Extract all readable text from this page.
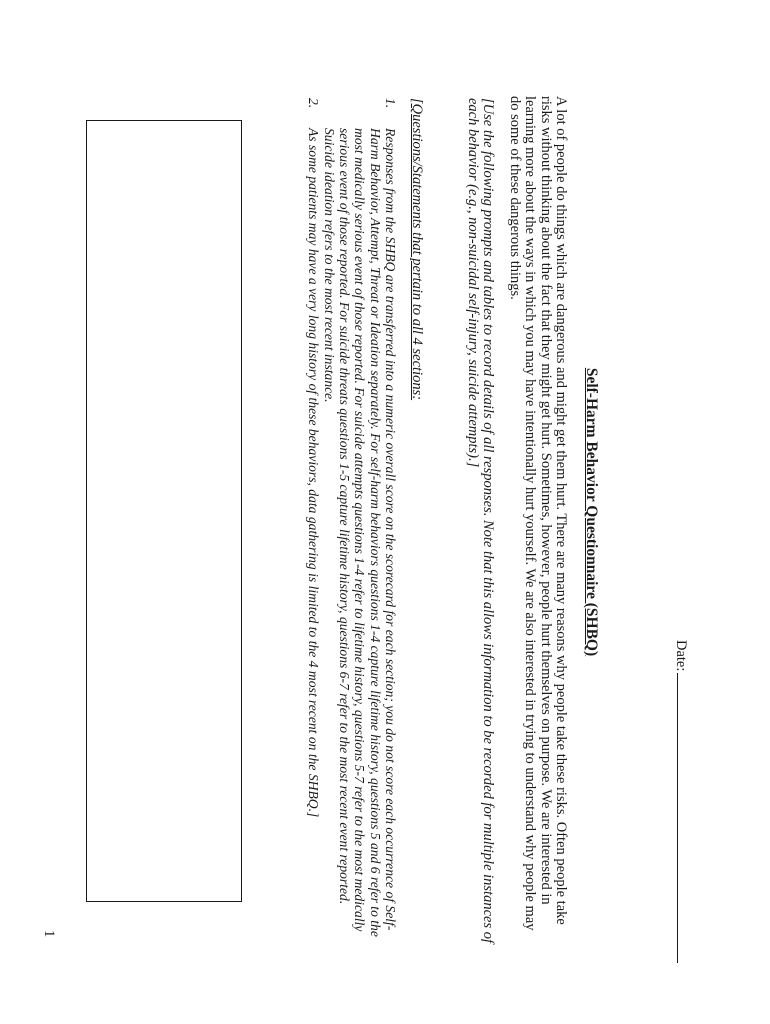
Date:
Self-Harm Behavior Questionnaire (SHBQ)

A lot of people do things which are dangerous and might get them hurt. There are many reasons why people take these risks. Often people take risks without thinking about the fact that they might get hurt. Sometimes, however, people hurt themselves on purpose. We are interested in learning more about the ways in which you may have intentionally hurt yourself. We are also interested in trying to understand why people may do some of these dangerous things.

[Use the following prompts and tables to record details of all responses. Note that this allows information to be recorded for multiple instances of each behavior (e.g., non-suicidal self-injury, suicide attempts).]

[Questions/Statements that pertain to all 4 sections:
1.
Responses from the SHBQ are transferred into a numeric overall score on the scorecard for each section; you do not score each occurrence of Self-Harm Behavior, Attempt, Threat or Ideation separately. For self-harm behaviors questions 1-4 capture lifetime history, questions 5 and 6 refer to the most medically serious event of those reported. For suicide attempts questions 1-4 refer to lifetime history, questions 5-7 refer to the most medically serious event of those reported. For suicide threats questions 1-5 capture lifetime history, questions 6-7 refer to the most recent event reported. Suicide ideation refers to the most recent instance.
2.
As some patients may have a very long history of these behaviors, data gathering is limited to the 4 most recent on the SHBQ.]
1
